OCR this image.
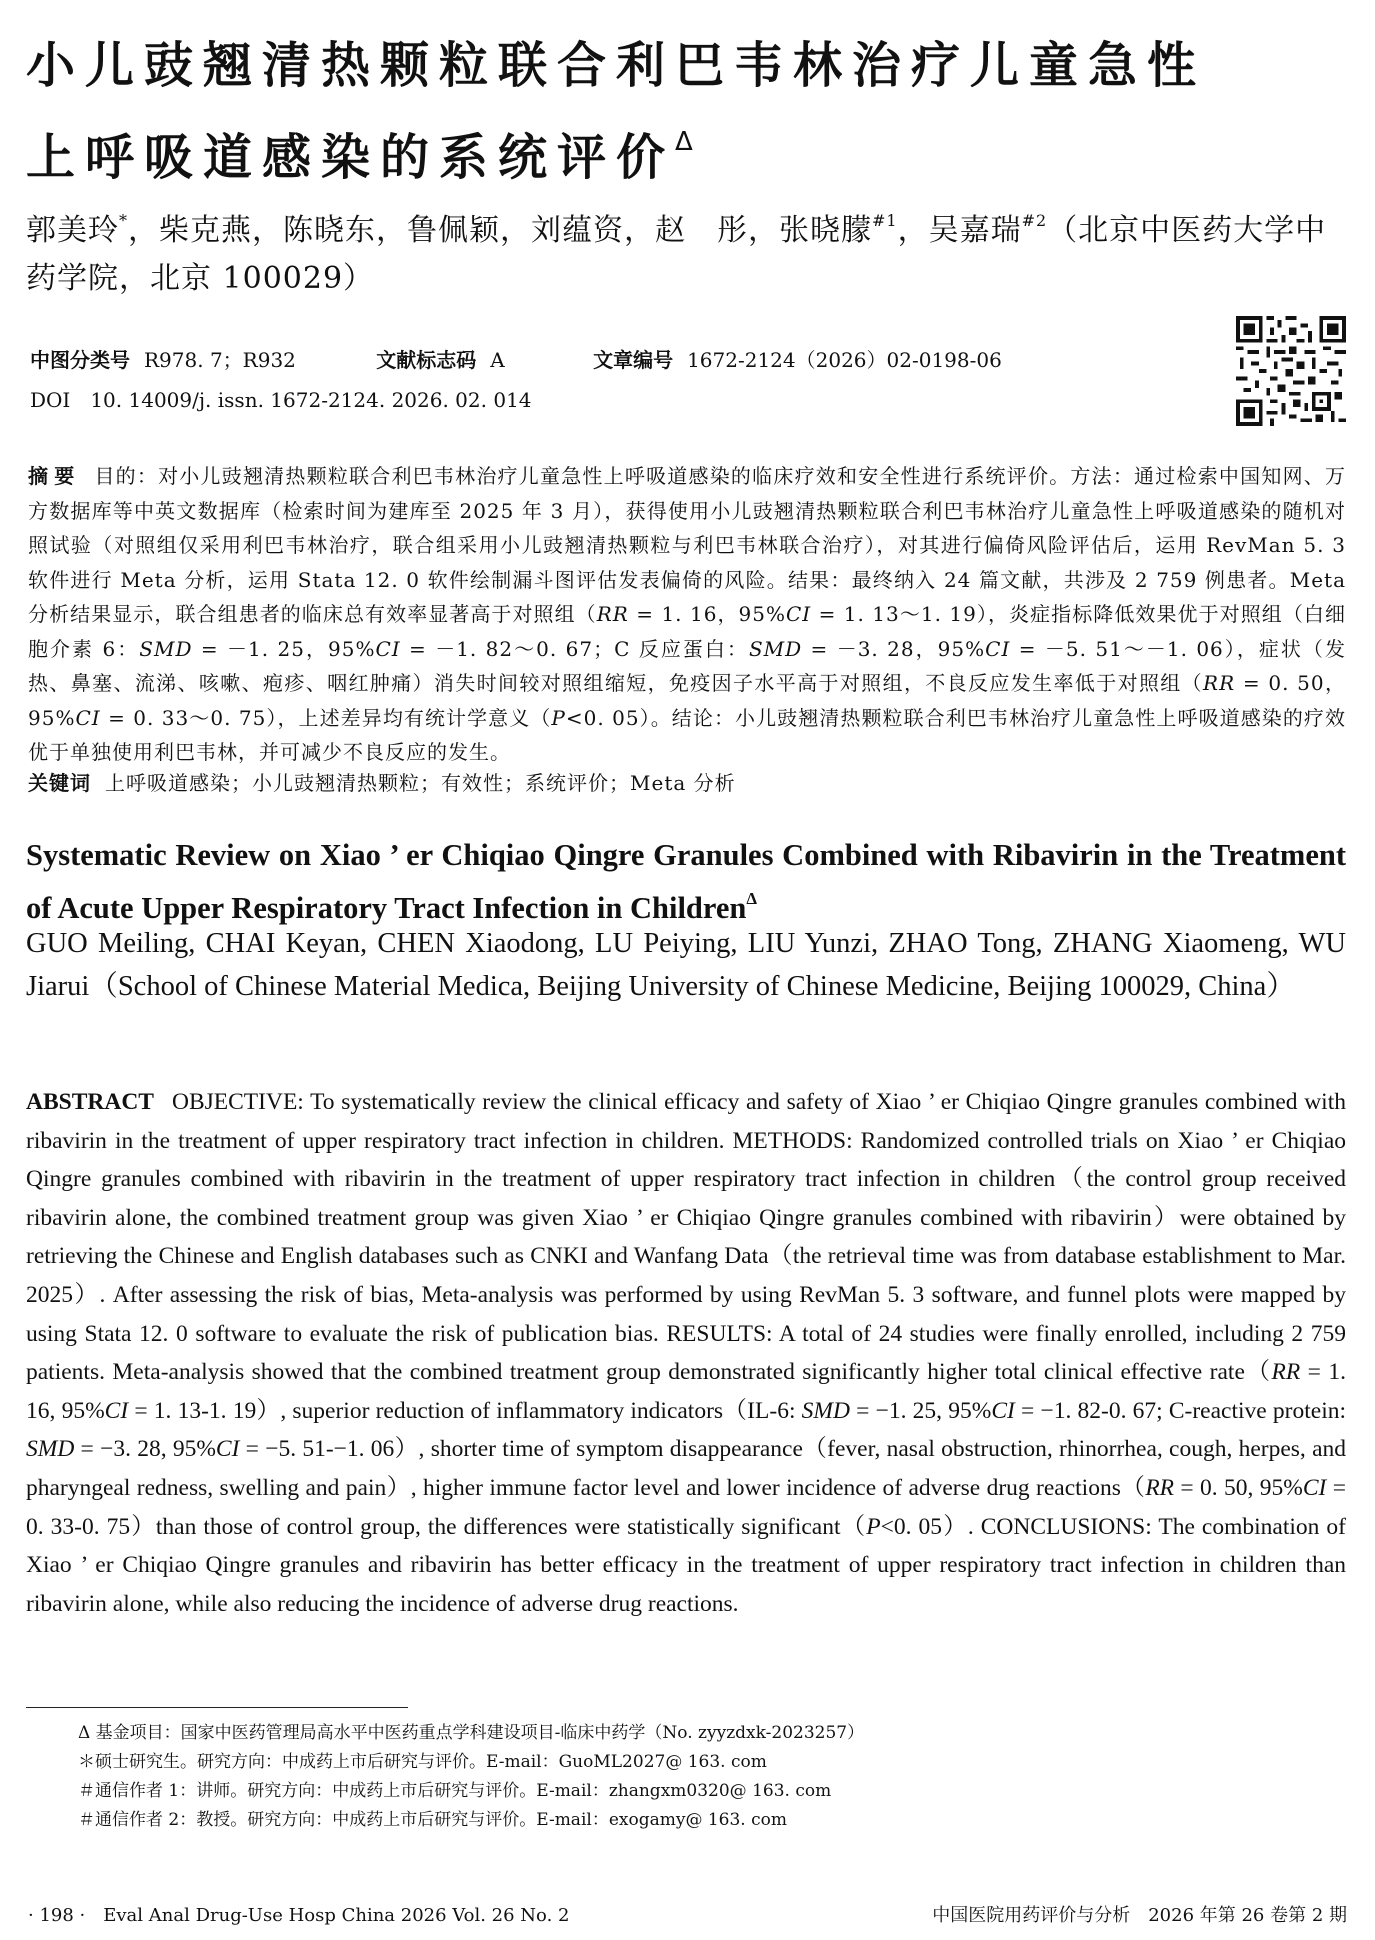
小儿豉翘清热颗粒联合利巴韦林治疗儿童急性
上呼吸道感染的系统评价$^\Delta$
郭美玲*，柴克燕，陈晓东，鲁佩颖，刘蕴资，赵　彤，张晓朦$^{\#1}$，吴嘉瑞$^{\#2}$（北京中医药大学中药学院，北京 100029）
中图分类号 R978. 7；R932	文献标志码 A	文章编号 1672-2124（2026）02-0198-06
DOI　10. 14009/j. issn. 1672-2124. 2026. 02. 014
摘要 目的：对小儿豉翘清热颗粒联合利巴韦林治疗儿童急性上呼吸道感染的临床疗效和安全性进行系统评价。方法：通过检索中国知网、万方数据库等中英文数据库（检索时间为建库至 2025 年 3 月），获得使用小儿豉翘清热颗粒联合利巴韦林治疗儿童急性上呼吸道感染的随机对照试验（对照组仅采用利巴韦林治疗，联合组采用小儿豉翘清热颗粒与利巴韦林联合治疗），对其进行偏倚风险评估后，运用 RevMan 5. 3 软件进行 Meta 分析，运用 Stata 12. 0 软件绘制漏斗图评估发表偏倚的风险。结果：最终纳入 24 篇文献，共涉及 2 759 例患者。Meta 分析结果显示，联合组患者的临床总有效率显著高于对照组（RR = 1. 16，95%CI = 1. 13～1. 19），炎症指标降低效果优于对照组（白细胞介素 6：SMD = －1. 25，95%CI = －1. 82～0. 67；C 反应蛋白：SMD = －3. 28，95%CI = －5. 51～－1. 06），症状（发热、鼻塞、流涕、咳嗽、疱疹、咽红肿痛）消失时间较对照组缩短，免疫因子水平高于对照组，不良反应发生率低于对照组（RR = 0. 50，95%CI = 0. 33～0. 75），上述差异均有统计学意义（P<0. 05）。结论：小儿豉翘清热颗粒联合利巴韦林治疗儿童急性上呼吸道感染的疗效优于单独使用利巴韦林，并可减少不良反应的发生。
关键词 上呼吸道感染；小儿豉翘清热颗粒；有效性；系统评价；Meta 分析
Systematic Review on Xiao ’ er Chiqiao Qingre Granules Combined with Ribavirin in the Treatment of Acute Upper Respiratory Tract Infection in Children$^\Delta$
GUO Meiling, CHAI Keyan, CHEN Xiaodong, LU Peiying, LIU Yunzi, ZHAO Tong, ZHANG Xiaomeng, WU Jiarui（School of Chinese Material Medica, Beijing University of Chinese Medicine, Beijing 100029, China）
ABSTRACT OBJECTIVE: To systematically review the clinical efficacy and safety of Xiao ’ er Chiqiao Qingre granules combined with ribavirin in the treatment of upper respiratory tract infection in children. METHODS: Randomized controlled trials on Xiao ’ er Chiqiao Qingre granules combined with ribavirin in the treatment of upper respiratory tract infection in children（the control group received ribavirin alone, the combined treatment group was given Xiao ’ er Chiqiao Qingre granules combined with ribavirin）were obtained by retrieving the Chinese and English databases such as CNKI and Wanfang Data（the retrieval time was from database establishment to Mar. 2025）. After assessing the risk of bias, Meta-analysis was performed by using RevMan 5. 3 software, and funnel plots were mapped by using Stata 12. 0 software to evaluate the risk of publication bias. RESULTS: A total of 24 studies were finally enrolled, including 2 759 patients. Meta-analysis showed that the combined treatment group demonstrated significantly higher total clinical effective rate（RR = 1. 16, 95%CI = 1. 13-1. 19）, superior reduction of inflammatory indicators（IL-6: SMD = −1. 25, 95%CI = −1. 82-0. 67; C-reactive protein: SMD = −3. 28, 95%CI = −5. 51-−1. 06）, shorter time of symptom disappearance（fever, nasal obstruction, rhinorrhea, cough, herpes, and pharyngeal redness, swelling and pain）, higher immune factor level and lower incidence of adverse drug reactions（RR = 0. 50, 95%CI = 0. 33-0. 75）than those of control group, the differences were statistically significant（P<0. 05）. CONCLUSIONS: The combination of Xiao ’ er Chiqiao Qingre granules and ribavirin has better efficacy in the treatment of upper respiratory tract infection in children than ribavirin alone, while also reducing the incidence of adverse drug reactions.
Δ 基金项目：国家中医药管理局高水平中医药重点学科建设项目-临床中药学（No. zyyzdxk-2023257）
＊硕士研究生。研究方向：中成药上市后研究与评价。E-mail：GuoML2027@ 163. com
＃通信作者 1：讲师。研究方向：中成药上市后研究与评价。E-mail：zhangxm0320@ 163. com
＃通信作者 2：教授。研究方向：中成药上市后研究与评价。E-mail：exogamy@ 163. com
· 198 ·　Eval Anal Drug-Use Hosp China 2026 Vol. 26 No. 2	中国医院用药评价与分析　2026 年第 26 卷第 2 期
